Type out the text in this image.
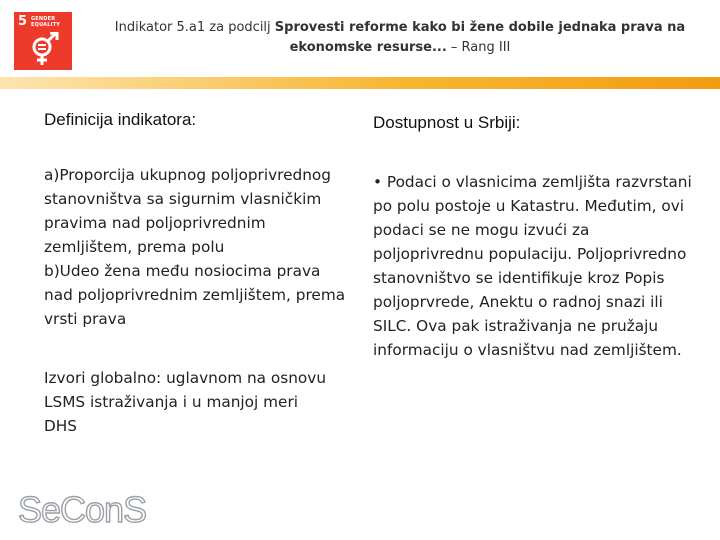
5 GENDER
EQUALITY	Indikator 5.a1 za podcilj Sprovesti reforme kako bi žene dobile jednaka prava na
ekonomske resurse... – Rang III
Definicija indikatora:	Dostupnost u Srbiji:

a)Proporcija ukupnog poljoprivrednog stanovništva sa sigurnim vlasničkim pravima nad poljoprivrednim zemljištem, prema polu

b)Udeo žena među nosiocima prava nad poljoprivrednim zemljištem, prema vrsti prava

Izvori globalno: uglavnom na osnovu LSMS istraživanja i u manjoj meri DHS
• Podaci o vlasnicima zemljišta razvrstani po polu postoje u Katastru. Međutim, ovi podaci se ne mogu izvući za poljoprivrednu populaciju. Poljoprivredno stanovništvo se identifikuje kroz Popis poljoprvrede, Anektu o radnoj snazi ili SILC. Ova pak istraživanja ne pružaju informaciju o vlasništvu nad zemljištem.
SeConS
